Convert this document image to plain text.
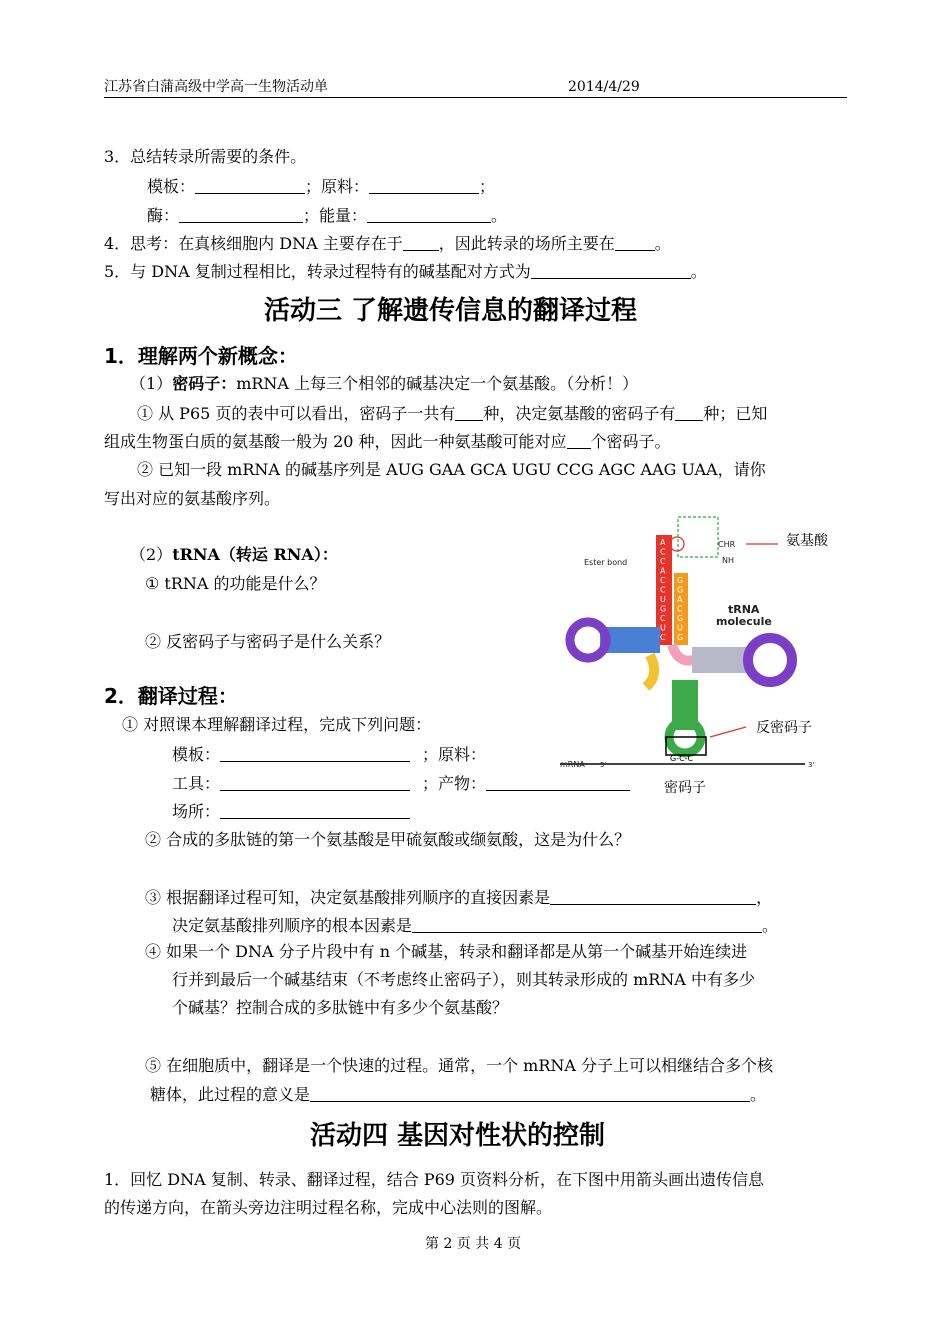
江苏省白蒲高级中学高一生物活动单	2014/4/29
3．总结转录所需要的条件。
模板：	；原料：	；
酶：	；能量：	。
4．思考：在真核细胞内 DNA 主要存在于 ，因此转录的场所主要在	。
5．与 DNA 复制过程相比，转录过程特有的碱基配对方式为	。
活动三 了解遗传信息的翻译过程
1．理解两个新概念：
（1）密码子：mRNA 上每三个相邻的碱基决定一个氨基酸。（分析！）
① 从 P65 页的表中可以看出，密码子一共有 种，决定氨基酸的密码子有 种；已知
组成生物蛋白质的氨基酸一般为 20 种，因此一种氨基酸可能对应 个密码子。
② 已知一段 mRNA 的碱基序列是 AUG GAA GCA UGU CCG AGC AAG UAA，请你
写出对应的氨基酸序列。
（2）tRNA（转运 RNA）：
① tRNA 的功能是什么？
② 反密码子与密码子是什么关系？
2．翻译过程：
① 对照课本理解翻译过程，完成下列问题：
模板：	；原料：
工具：	；产物：
场所：
② 合成的多肽链的第一个氨基酸是甲硫氨酸或缬氨酸，这是为什么？
③ 根据翻译过程可知，决定氨基酸排列顺序的直接因素是	，
决定氨基酸排列顺序的根本因素是	。
④ 如果一个 DNA 分子片段中有 n 个碱基，转录和翻译都是从第一个碱基开始连续进
行并到最后一个碱基结束（不考虑终止密码子），则其转录形成的 mRNA 中有多少
个碱基？控制合成的多肽链中有多少个氨基酸？
⑤ 在细胞质中，翻译是一个快速的过程。通常，一个 mRNA 分子上可以相继结合多个核
糖体，此过程的意义是	。
活动四 基因对性状的控制
1．回忆 DNA 复制、转录、翻译过程，结合 P69 页资料分析，在下图中用箭头画出遗传信息
的传递方向，在箭头旁边注明过程名称，完成中心法则的图解。
第 2 页 共 4 页
mRNA 5'	3'
G-C-C
CHR
NH
Ester bond
tRNA
molecule
A
C
C
A
C
C
U
G
C
U
C
G
G
A
C
G
U
G
氨基酸
反密码子
密码子
